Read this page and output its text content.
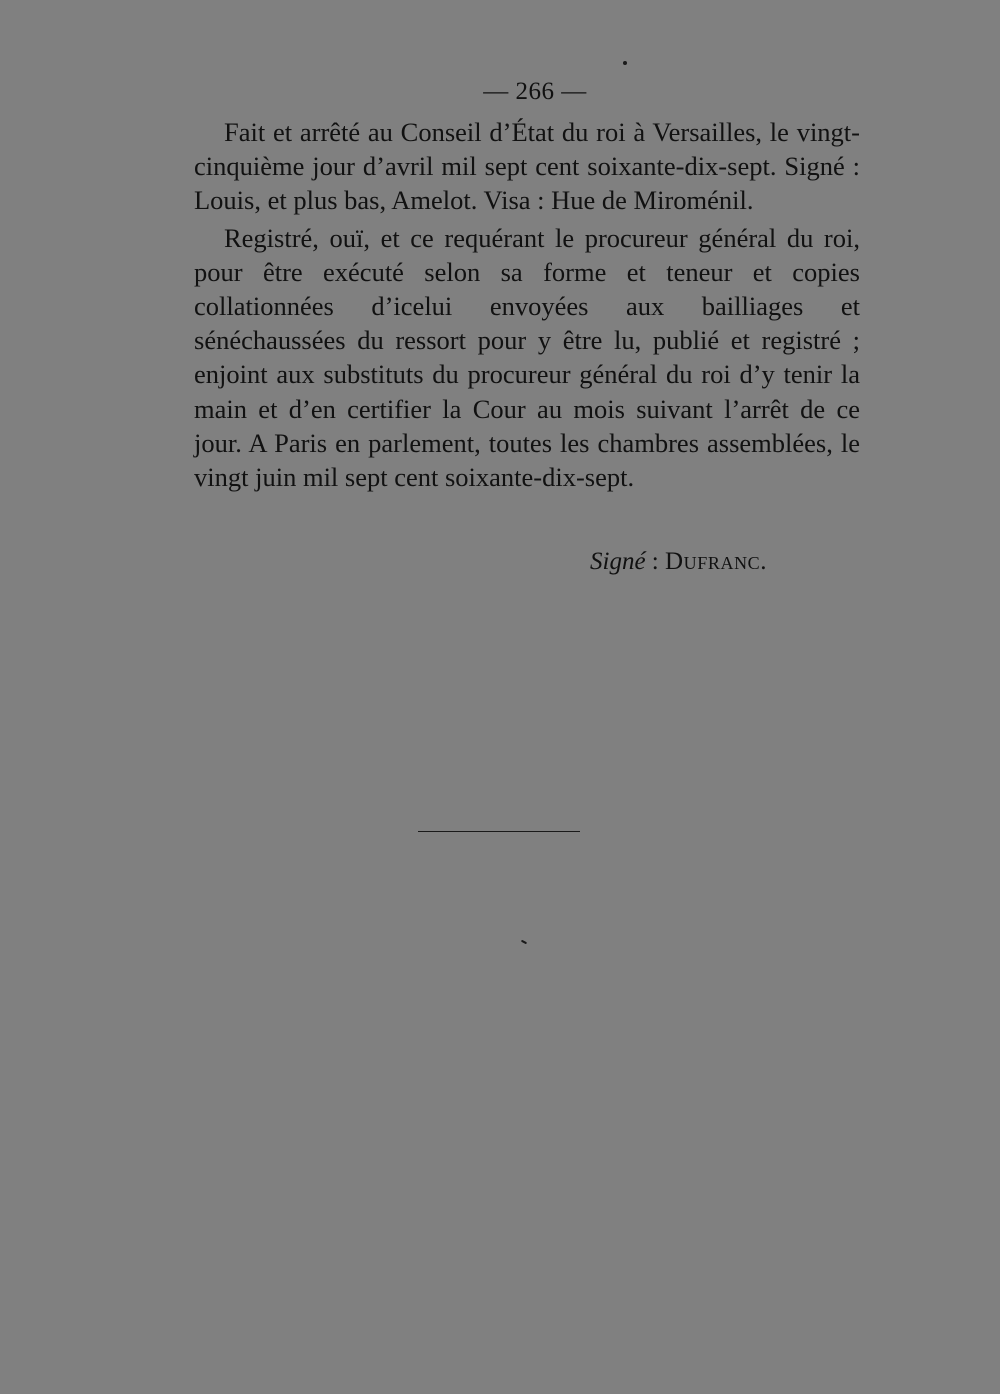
— 266 —

Fait et arrêté au Conseil d’État du roi à Versailles, le vingt-cinquième jour d’avril mil sept cent soixante-dix-sept. Signé : Louis, et plus bas, Amelot. Visa : Hue de Miroménil.

Registré, ouï, et ce requérant le procureur général du roi, pour être exécuté selon sa forme et teneur et copies collationnées d’icelui envoyées aux bailliages et sénéchaussées du ressort pour y être lu, publié et registré ; enjoint aux substituts du procureur général du roi d’y tenir la main et d’en certifier la Cour au mois suivant l’arrêt de ce jour. A Paris en parlement, toutes les chambres assemblées, le vingt juin mil sept cent soixante-dix-sept.

Signé : Dufranc.
